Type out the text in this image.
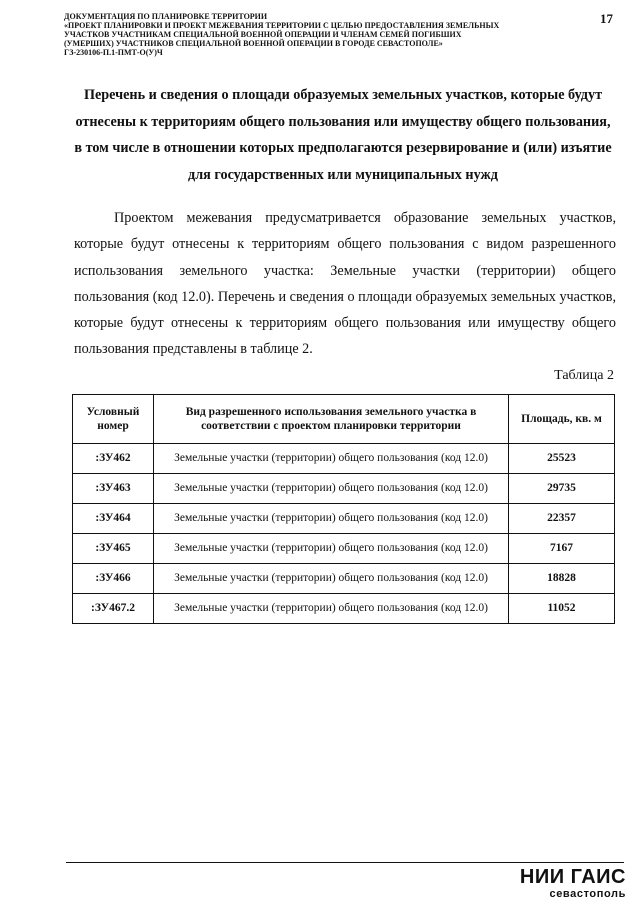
ДОКУМЕНТАЦИЯ ПО ПЛАНИРОВКЕ ТЕРРИТОРИИ
«ПРОЕКТ ПЛАНИРОВКИ И ПРОЕКТ МЕЖЕВАНИЯ ТЕРРИТОРИИ С ЦЕЛЬЮ ПРЕДОСТАВЛЕНИЯ ЗЕМЕЛЬНЫХ
УЧАСТКОВ УЧАСТНИКАМ СПЕЦИАЛЬНОЙ ВОЕННОЙ ОПЕРАЦИИ И ЧЛЕНАМ СЕМЕЙ ПОГИБШИХ
(УМЕРШИХ) УЧАСТНИКОВ СПЕЦИАЛЬНОЙ ВОЕННОЙ ОПЕРАЦИИ В ГОРОДЕ СЕВАСТОПОЛЕ»
ГЗ-230106-П.1-ПМТ-О(У)Ч
17
Перечень и сведения о площади образуемых земельных участков, которые будут отнесены к территориям общего пользования или имуществу общего пользования, в том числе в отношении которых предполагаются резервирование и (или) изъятие для государственных или муниципальных нужд
Проектом межевания предусматривается образование земельных участков, которые будут отнесены к территориям общего пользования с видом разрешенного использования земельного участка: Земельные участки (территории) общего пользования (код 12.0). Перечень и сведения о площади образуемых земельных участков, которые будут отнесены к территориям общего пользования или имуществу общего пользования представлены в таблице 2.
Таблица 2
Условный номер	Вид разрешенного использования земельного участка в соответствии с проектом планировки территории	Площадь, кв. м
:ЗУ462	Земельные участки (территории) общего пользования (код 12.0)	25523
:ЗУ463	Земельные участки (территории) общего пользования (код 12.0)	29735
:ЗУ464	Земельные участки (территории) общего пользования (код 12.0)	22357
:ЗУ465	Земельные участки (территории) общего пользования (код 12.0)	7167
:ЗУ466	Земельные участки (территории) общего пользования (код 12.0)	18828
:ЗУ467.2	Земельные участки (территории) общего пользования (код 12.0)	11052
НИИ ГАИС
севастополь
